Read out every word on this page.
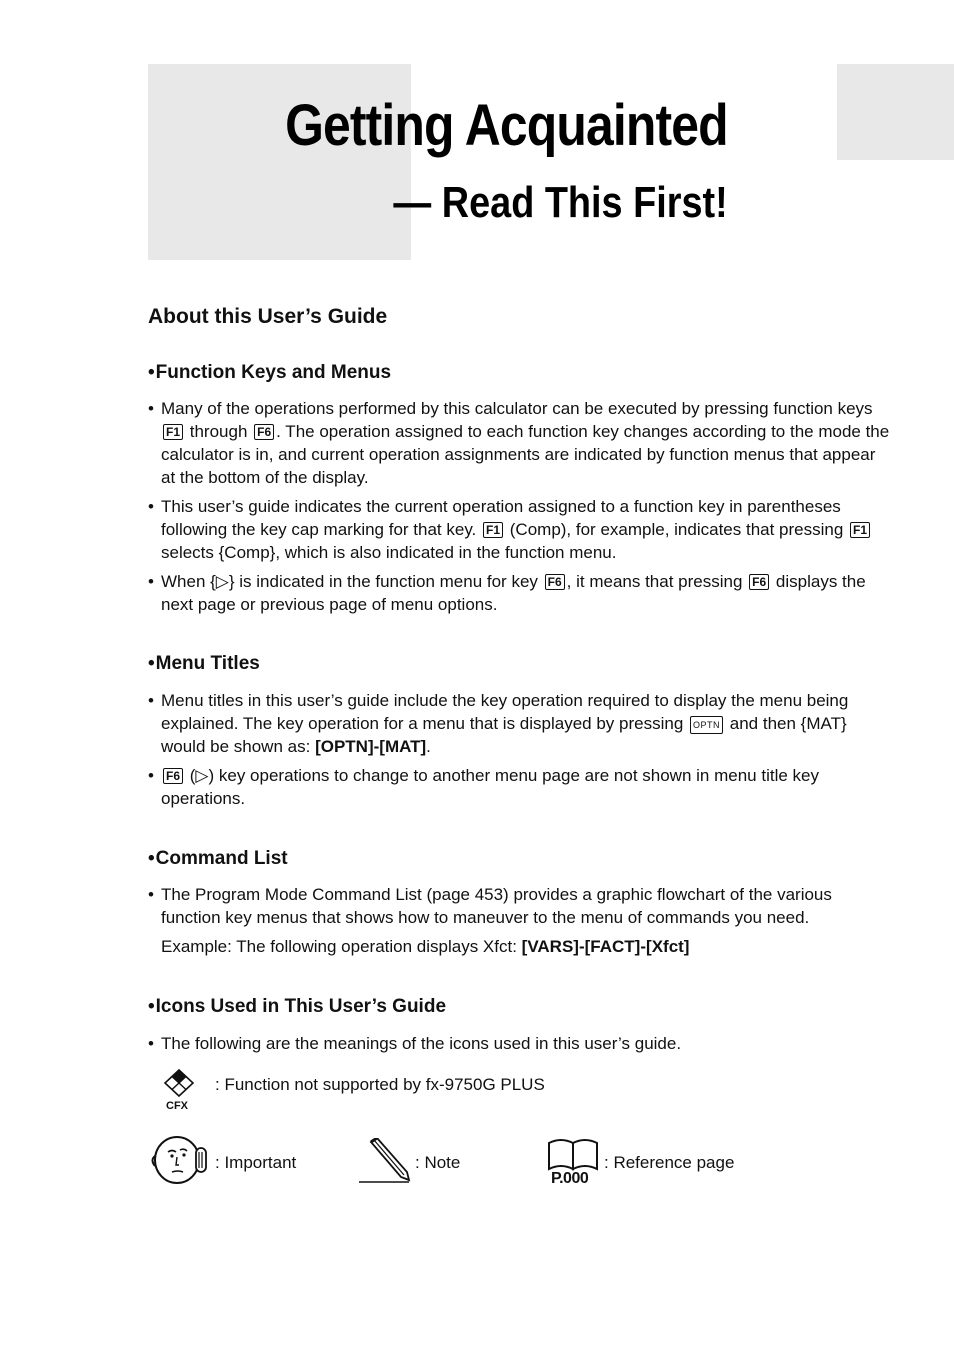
Getting Acquainted
— Read This First!
About this User’s Guide
•Function Keys and Menus
• Many of the operations performed by this calculator can be executed by pressing function keys F1 through F6 . The operation assigned to each function key changes according to the mode the calculator is in, and current operation assignments are indicated by function menus that appear at the bottom of the display.
• This user’s guide indicates the current operation assigned to a function key in parentheses following the key cap marking for that key. F1 (Comp), for example, indicates that pressing F1 selects {Comp}, which is also indicated in the function menu.
• When {▷} is indicated in the function menu for key F6 , it means that pressing F6 displays the next page or previous page of menu options.
•Menu Titles
• Menu titles in this user’s guide include the key operation required to display the menu being explained. The key operation for a menu that is displayed by pressing OPTN and then {MAT} would be shown as: [OPTN]-[MAT].
• F6 (▷) key operations to change to another menu page are not shown in menu title key operations.
•Command List
• The Program Mode Command List (page 453) provides a graphic flowchart of the various function key menus that shows how to maneuver to the menu of commands you need.
Example: The following operation displays Xfct: [VARS]-[FACT]-[Xfct]
•Icons Used in This User’s Guide
• The following are the meanings of the icons used in this user’s guide.
CFX
: Function not supported by fx-9750G PLUS
: Important	: Note
P.000
: Reference page
